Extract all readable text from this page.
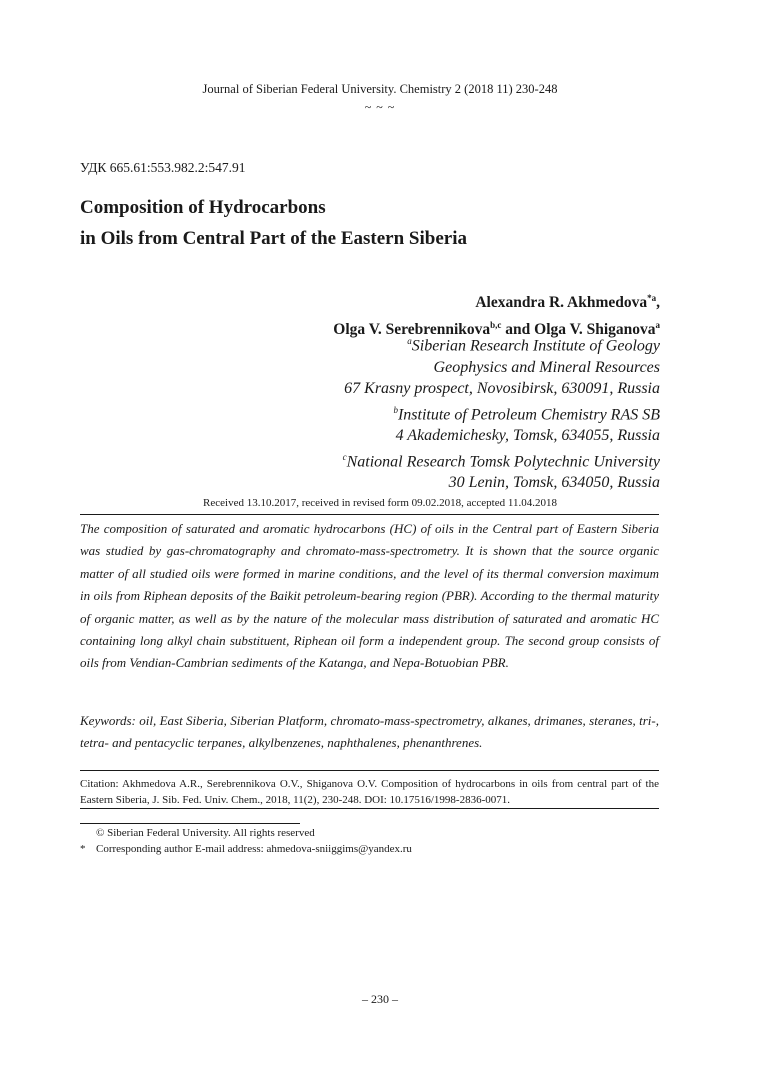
Journal of Siberian Federal University. Chemistry 2 (2018 11) 230-248
~ ~ ~
УДК 665.61:553.982.2:547.91
Composition of Hydrocarbons
in Oils from Central Part of the Eastern Siberia
Alexandra R. Akhmedova$^{*a}$,
Olga V. Serebrennikova$^{b,c}$ and Olga V. Shiganova$^a$
$^a$Siberian Research Institute of Geology
Geophysics and Mineral Resources
67 Krasny prospect, Novosibirsk, 630091, Russia
$^b$Institute of Petroleum Chemistry RAS SB
4 Akademichesky, Tomsk, 634055, Russia
$^c$National Research Tomsk Polytechnic University
30 Lenin, Tomsk, 634050, Russia
Received 13.10.2017, received in revised form 09.02.2018, accepted 11.04.2018
The composition of saturated and aromatic hydrocarbons (HC) of oils in the Central part of Eastern Siberia was studied by gas-chromatography and chromato-mass-spectrometry. It is shown that the source organic matter of all studied oils were formed in marine conditions, and the level of its thermal conversion maximum in oils from Riphean deposits of the Baikit petroleum-bearing region (PBR). According to the thermal maturity of organic matter, as well as by the nature of the molecular mass distribution of saturated and aromatic HC containing long alkyl chain substituent, Riphean oil form a independent group. The second group consists of oils from Vendian-Cambrian sediments of the Katanga, and Nepa-Botuobian PBR.
Keywords: oil, East Siberia, Siberian Platform, chromato-mass-spectrometry, alkanes, drimanes, steranes, tri-, tetra- and pentacyclic terpanes, alkylbenzenes, naphthalenes, phenanthrenes.
Citation: Akhmedova A.R., Serebrennikova O.V., Shiganova O.V. Composition of hydrocarbons in oils from central part of the Eastern Siberia, J. Sib. Fed. Univ. Chem., 2018, 11(2), 230-248. DOI: 10.17516/1998-2836-0071.
© Siberian Federal University. All rights reserved
* Corresponding author E-mail address: ahmedova-sniiggims@yandex.ru
– 230 –
